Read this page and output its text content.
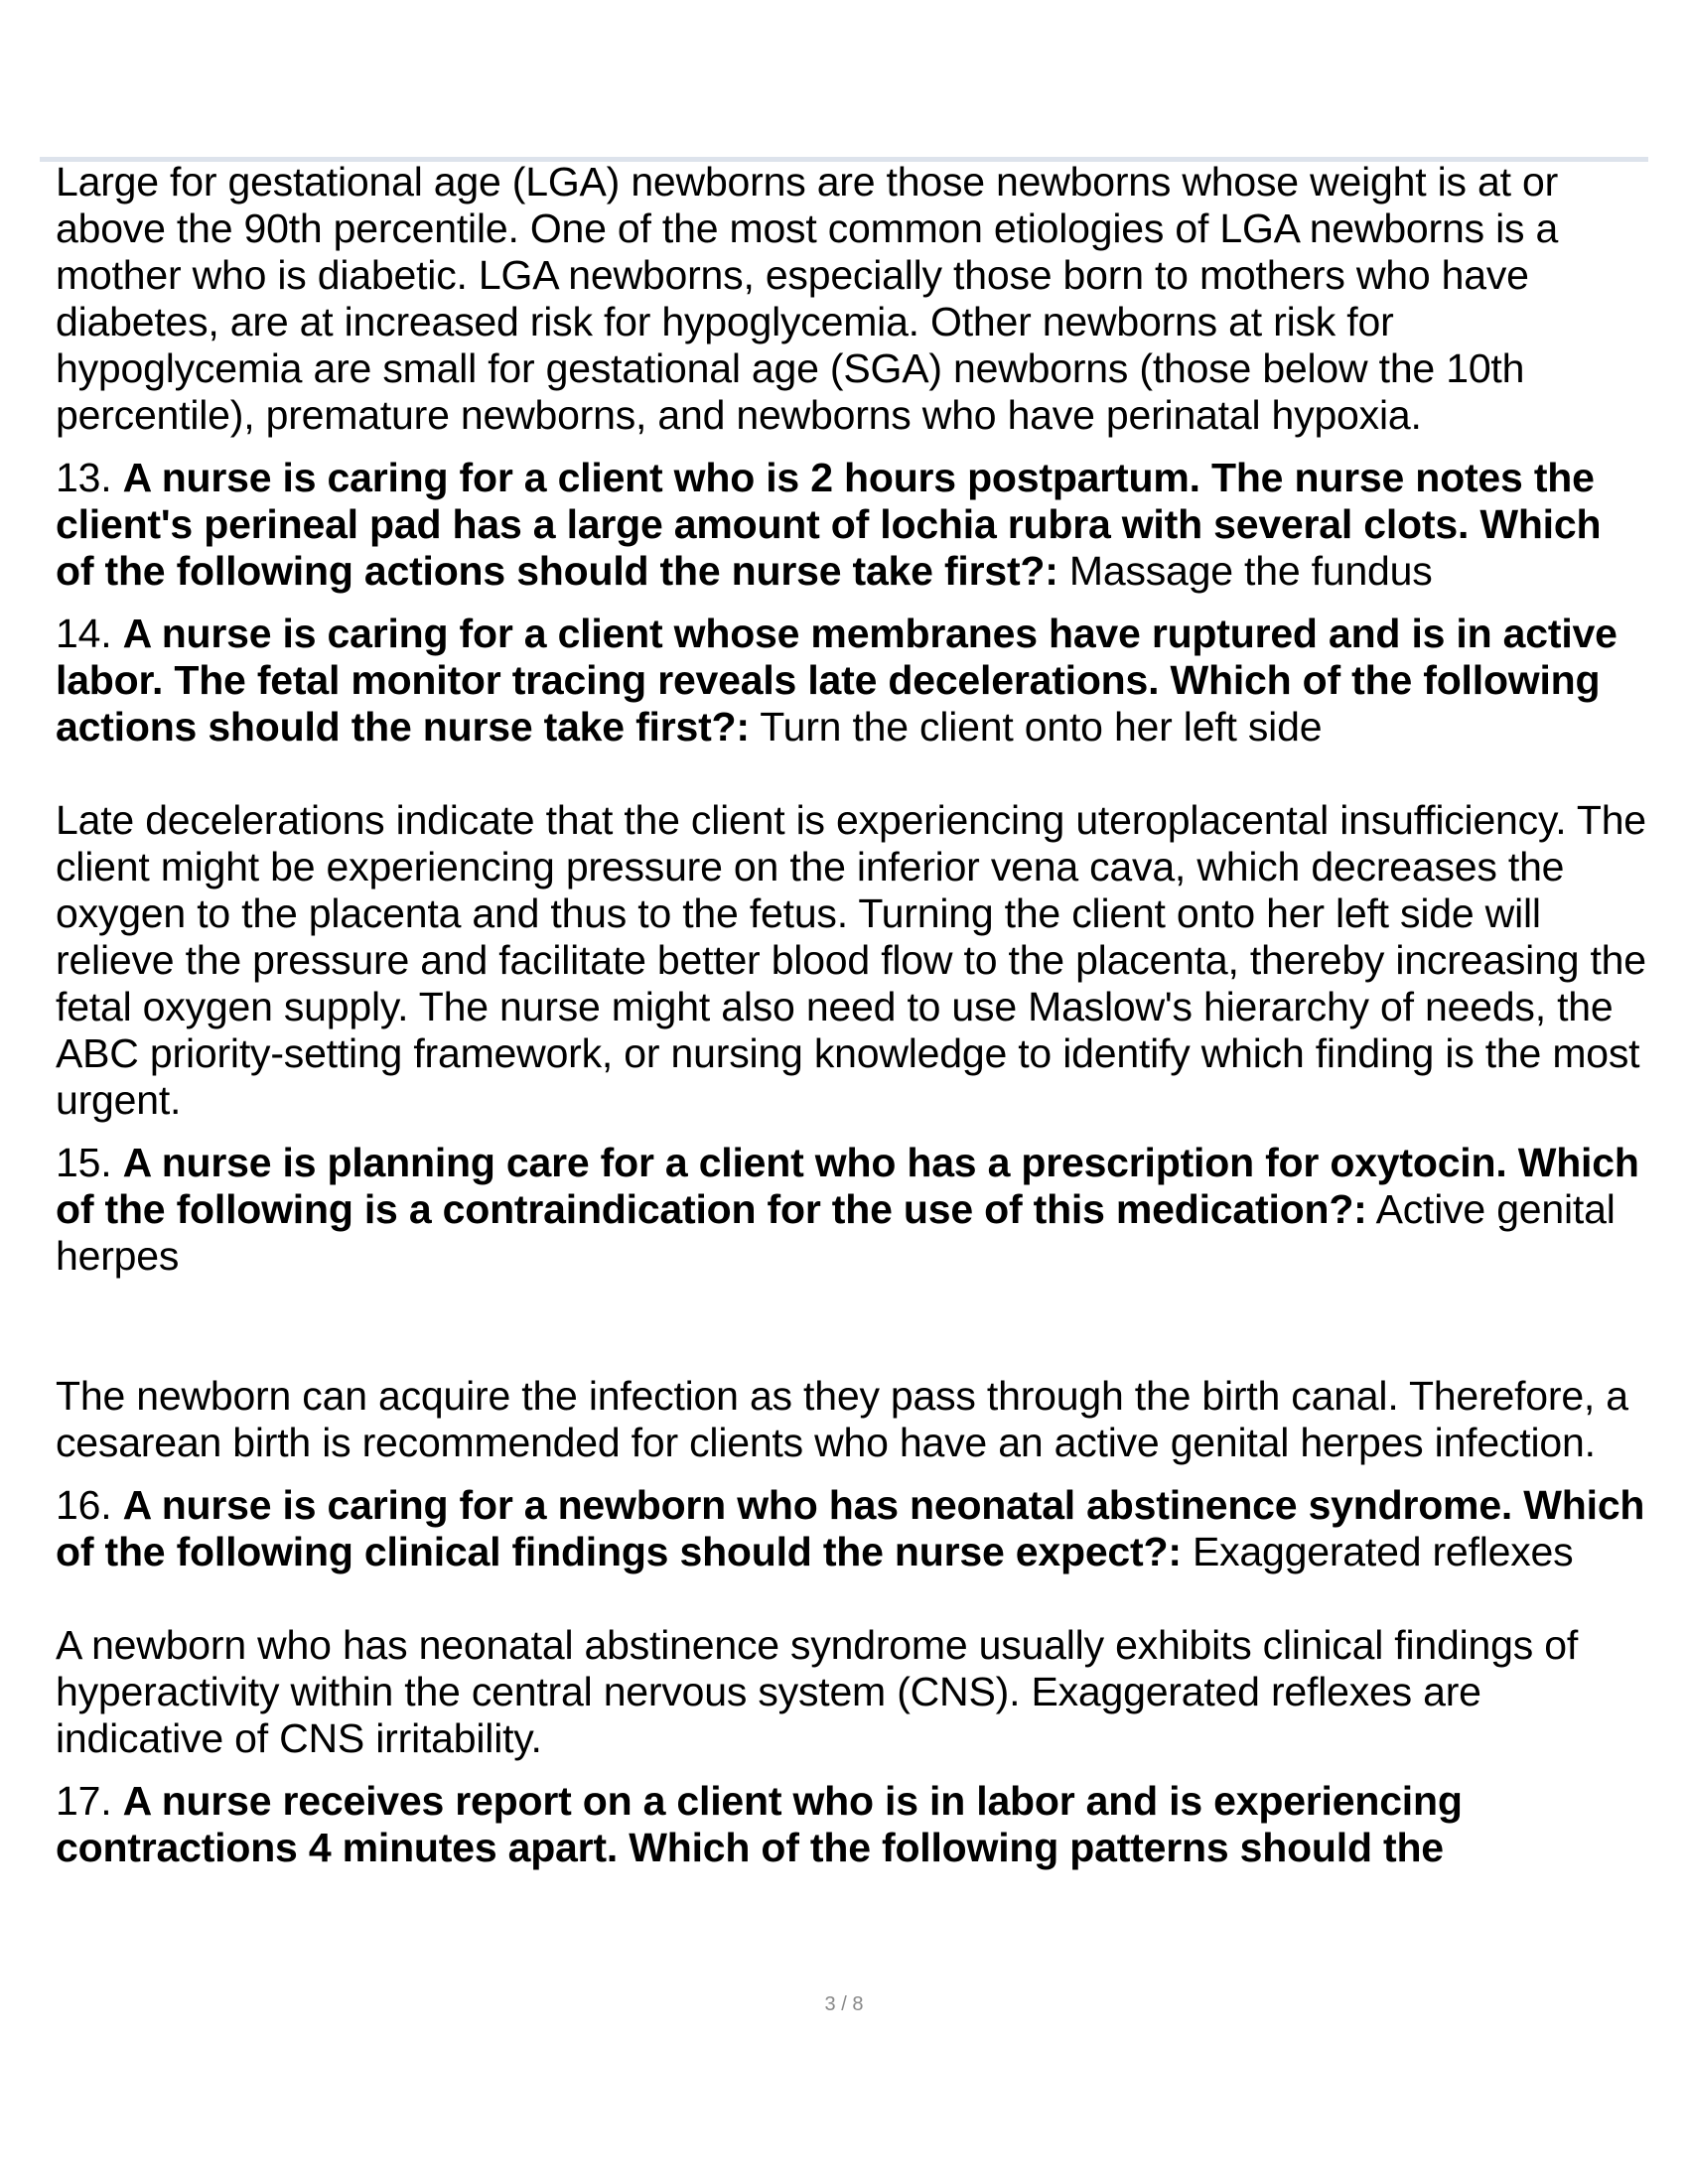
Large for gestational age (LGA) newborns are those newborns whose weight is at or above the 90th percentile. One of the most common etiologies of LGA newborns is a mother who is diabetic. LGA newborns, especially those born to mothers who have diabetes, are at increased risk for hypoglycemia. Other newborns at risk for hypoglycemia are small for gestational age (SGA) newborns (those below the 10th percentile), premature newborns, and newborns who have perinatal hypoxia.

13. A nurse is caring for a client who is 2 hours postpartum. The nurse notes the client's perineal pad has a large amount of lochia rubra with several clots. Which of the following actions should the nurse take first?: Massage the fundus

14. A nurse is caring for a client whose membranes have ruptured and is in active labor. The fetal monitor tracing reveals late decelerations. Which of the following actions should the nurse take first?: Turn the client onto her left side

Late decelerations indicate that the client is experiencing uteroplacental insufficiency. The client might be experiencing pressure on the inferior vena cava, which decreases the oxygen to the placenta and thus to the fetus. Turning the client onto her left side will relieve the pressure and facilitate better blood flow to the placenta, thereby increasing the fetal oxygen supply. The nurse might also need to use Maslow's hierarchy of needs, the ABC priority-setting framework, or nursing knowledge to identify which finding is the most urgent.

15. A nurse is planning care for a client who has a prescription for oxytocin. Which of the following is a contraindication for the use of this medication?: Active genital herpes

The newborn can acquire the infection as they pass through the birth canal. Therefore, a cesarean birth is recommended for clients who have an active genital herpes infection.

16. A nurse is caring for a newborn who has neonatal abstinence syndrome. Which of the following clinical findings should the nurse expect?: Exaggerated reflexes

A newborn who has neonatal abstinence syndrome usually exhibits clinical findings of hyperactivity within the central nervous system (CNS). Exaggerated reflexes are indicative of CNS irritability.

17. A nurse receives report on a client who is in labor and is experiencing contractions 4 minutes apart. Which of the following patterns should the

3 / 8
